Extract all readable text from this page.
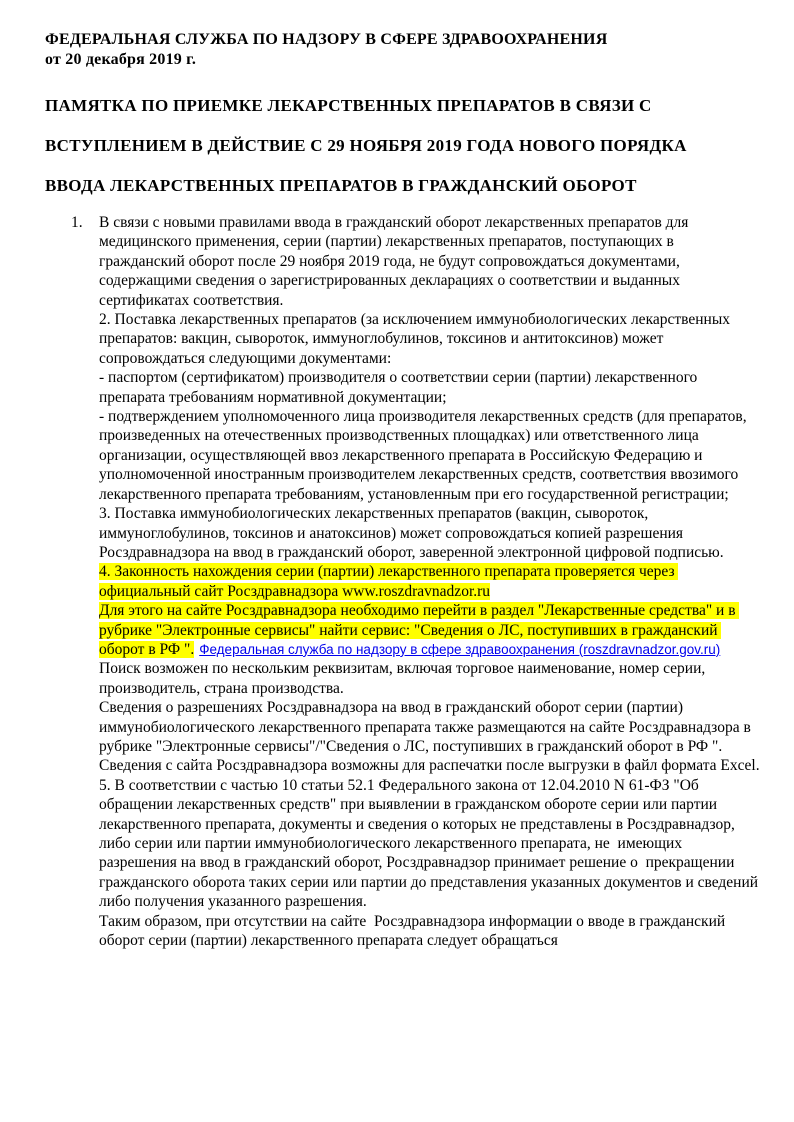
ФЕДЕРАЛЬНАЯ СЛУЖБА ПО НАДЗОРУ В СФЕРЕ ЗДРАВООХРАНЕНИЯ
от 20 декабря 2019 г.
ПАМЯТКА ПО ПРИЕМКЕ ЛЕКАРСТВЕННЫХ ПРЕПАРАТОВ В СВЯЗИ С
ВСТУПЛЕНИЕМ В ДЕЙСТВИЕ С 29 НОЯБРЯ 2019 ГОДА НОВОГО ПОРЯДКА
ВВОДА ЛЕКАРСТВЕННЫХ ПРЕПАРАТОВ В ГРАЖДАНСКИЙ ОБОРОТ
1.	В связи с новыми правилами ввода в гражданский оборот лекарственных препаратов для медицинского применения, серии (партии) лекарственных препаратов, поступающих в гражданский оборот после 29 ноября 2019 года, не будут сопровождаться документами, содержащими сведения о зарегистрированных декларациях о соответствии и выданных сертификатах соответствия.
2. Поставка лекарственных препаратов (за исключением иммунобиологических лекарственных препаратов: вакцин, сывороток, иммуноглобулинов, токсинов и антитоксинов) может сопровождаться следующими документами:
- паспортом (сертификатом) производителя о соответствии серии (партии) лекарственного препарата требованиям нормативной документации;
- подтверждением уполномоченного лица производителя лекарственных средств (для препаратов, произведенных на отечественных производственных площадках) или ответственного лица организации, осуществляющей ввоз лекарственного препарата в Российскую Федерацию и уполномоченной иностранным производителем лекарственных средств, соответствия ввозимого лекарственного препарата требованиям, установленным при его государственной регистрации;
3. Поставка иммунобиологических лекарственных препаратов (вакцин, сывороток, иммуноглобулинов, токсинов и анатоксинов) может сопровождаться копией разрешения Росздравнадзора на ввод в гражданский оборот, заверенной электронной цифровой подписью.
4. Законность нахождения серии (партии) лекарственного препарата проверяется через официальный сайт Росздравнадзора www.roszdravnadzor.ru
Для этого на сайте Росздравнадзора необходимо перейти в раздел "Лекарственные средства" и в рубрике "Электронные сервисы" найти сервис: "Сведения о ЛС, поступивших в гражданский оборот в РФ ". Федеральная служба по надзору в сфере здравоохранения (roszdravnadzor.gov.ru)
Поиск возможен по нескольким реквизитам, включая торговое наименование, номер серии, производитель, страна производства.
Сведения о разрешениях Росздравнадзора на ввод в гражданский оборот серии (партии) иммунобиологического лекарственного препарата также размещаются на сайте Росздравнадзора в рубрике "Электронные сервисы"/"Сведения о ЛС, поступивших в гражданский оборот в РФ ".
Сведения с сайта Росздравнадзора возможны для распечатки после выгрузки в файл формата Excel.
5. В соответствии с частью 10 статьи 52.1 Федерального закона от 12.04.2010 N 61-ФЗ "Об обращении лекарственных средств" при выявлении в гражданском обороте серии или партии лекарственного препарата, документы и сведения о которых не представлены в Росздравнадзор, либо серии или партии иммунобиологического лекарственного препарата, не  имеющих разрешения на ввод в гражданский оборот, Росздравнадзор принимает решение о  прекращении гражданского оборота таких серии или партии до представления указанных документов и сведений либо получения указанного разрешения.
Таким образом, при отсутствии на сайте  Росздравнадзора информации о вводе в гражданский оборот серии (партии) лекарственного препарата следует обращаться
